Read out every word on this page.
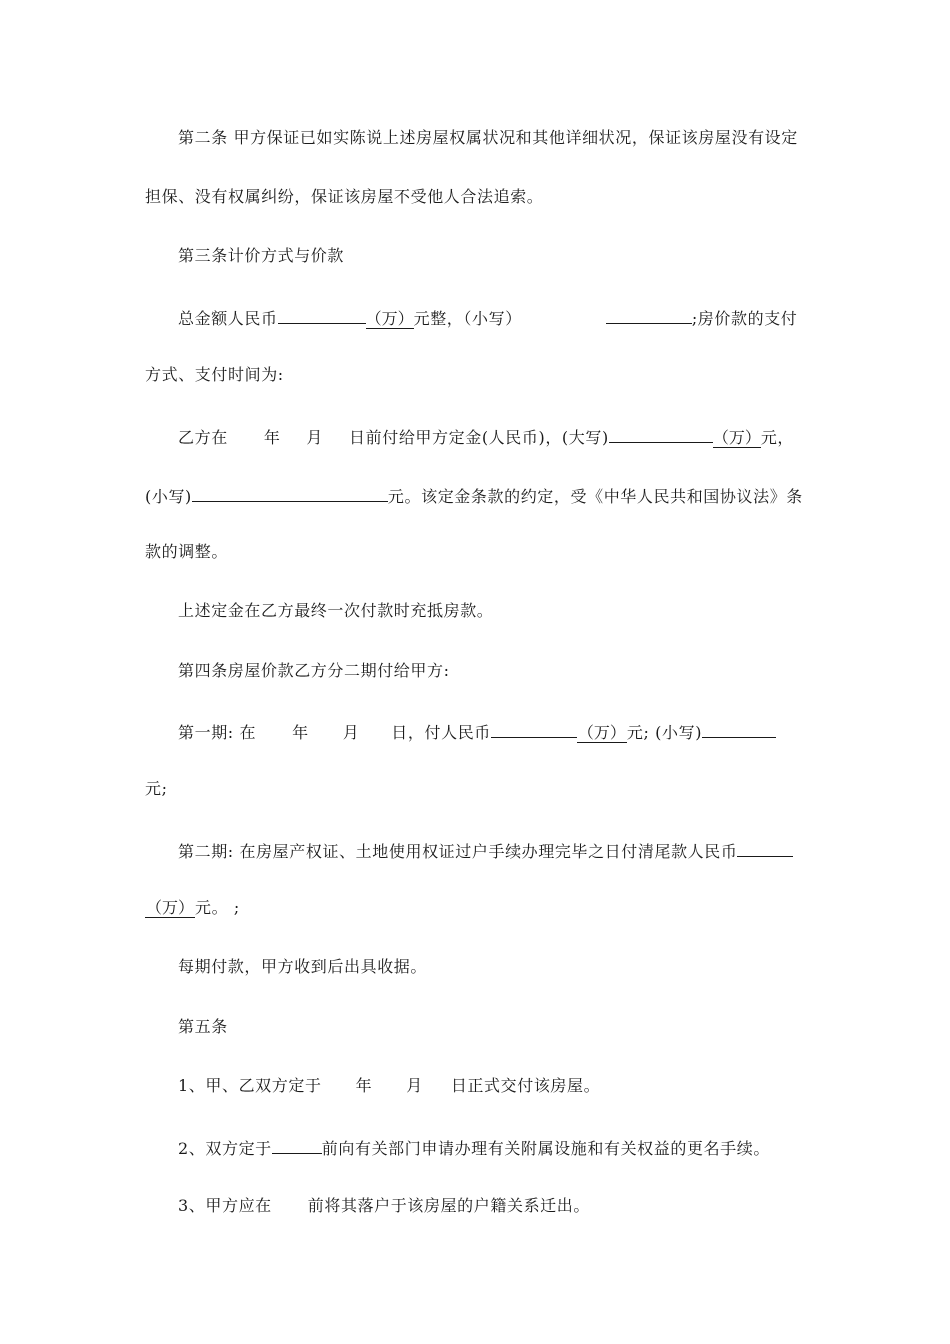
第二条 甲方保证已如实陈说上述房屋权属状况和其他详细状况，保证该房屋没有设定
担保、没有权属纠纷，保证该房屋不受他人合法追索。
第三条计价方式与价款
总金额人民币	（万）元整，（小写）	;房价款的支付
方式、支付时间为:
乙方在 年 月 日前付给甲方定金(人民币)，(大写)	（万）元，
(小写)	元。该定金条款的约定，受《中华人民共和国协议法》条
款的调整。
上述定金在乙方最终一次付款时充抵房款。
第四条房屋价款乙方分二期付给甲方:
第一期: 在 年 月 日，付人民币	（万）元; (小写)
元;
第二期: 在房屋产权证、土地使用权证过户手续办理完毕之日付清尾款人民币
（万）元。 ;
每期付款，甲方收到后出具收据。
第五条
1、甲、乙双方定于 年 月 日正式交付该房屋。
2、双方定于	前向有关部门申请办理有关附属设施和有关权益的更名手续。
3、甲方应在 前将其落户于该房屋的户籍关系迁出。
